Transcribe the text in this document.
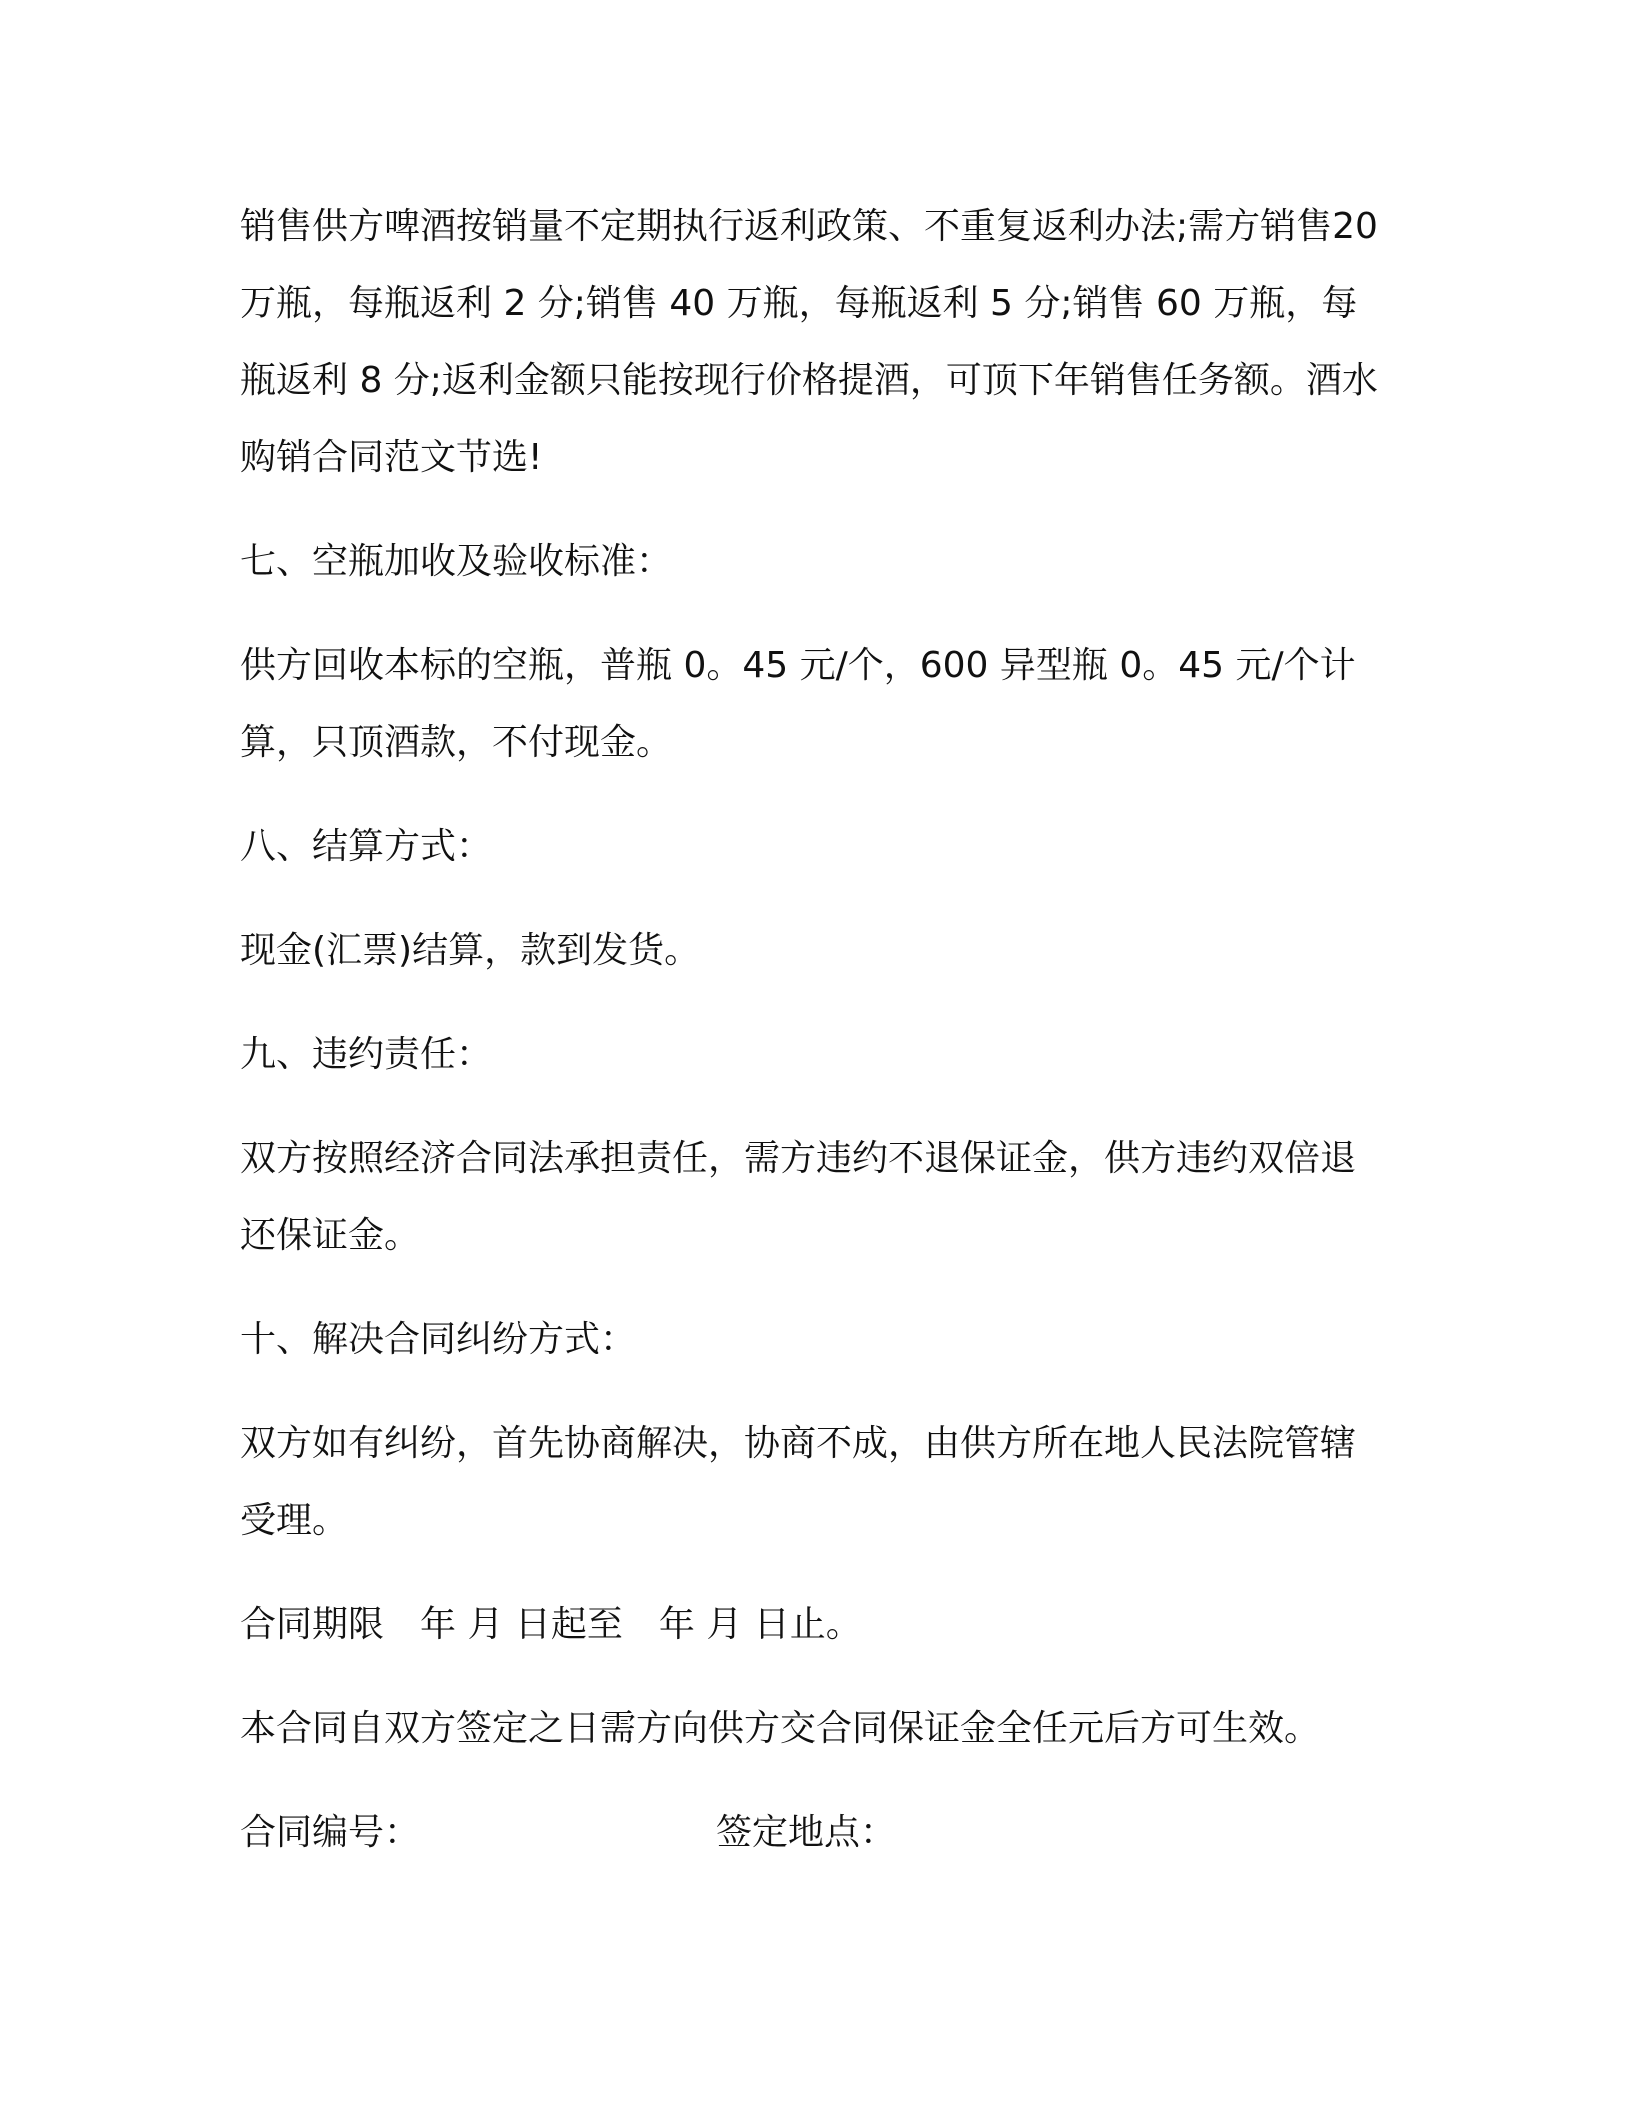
销售供方啤酒按销量不定期执行返利政策、不重复返利办法;需方销售20 万瓶，每瓶返利 2 分;销售 40 万瓶，每瓶返利 5 分;销售 60 万瓶，每瓶返利 8 分;返利金额只能按现行价格提酒，可顶下年销售任务额。酒水购销合同范文节选!

七、空瓶加收及验收标准：

供方回收本标的空瓶，普瓶 0。45 元/个，600 异型瓶 0。45 元/个计算，只顶酒款，不付现金。

八、结算方式：

现金(汇票)结算，款到发货。

九、违约责任：

双方按照经济合同法承担责任，需方违约不退保证金，供方违约双倍退还保证金。

十、解决合同纠纷方式：

双方如有纠纷，首先协商解决，协商不成，由供方所在地人民法院管辖受理。

合同期限　年 月 日起至　年 月 日止。

本合同自双方签定之日需方向供方交合同保证金全任元后方可生效。

合同编号：	签定地点：
